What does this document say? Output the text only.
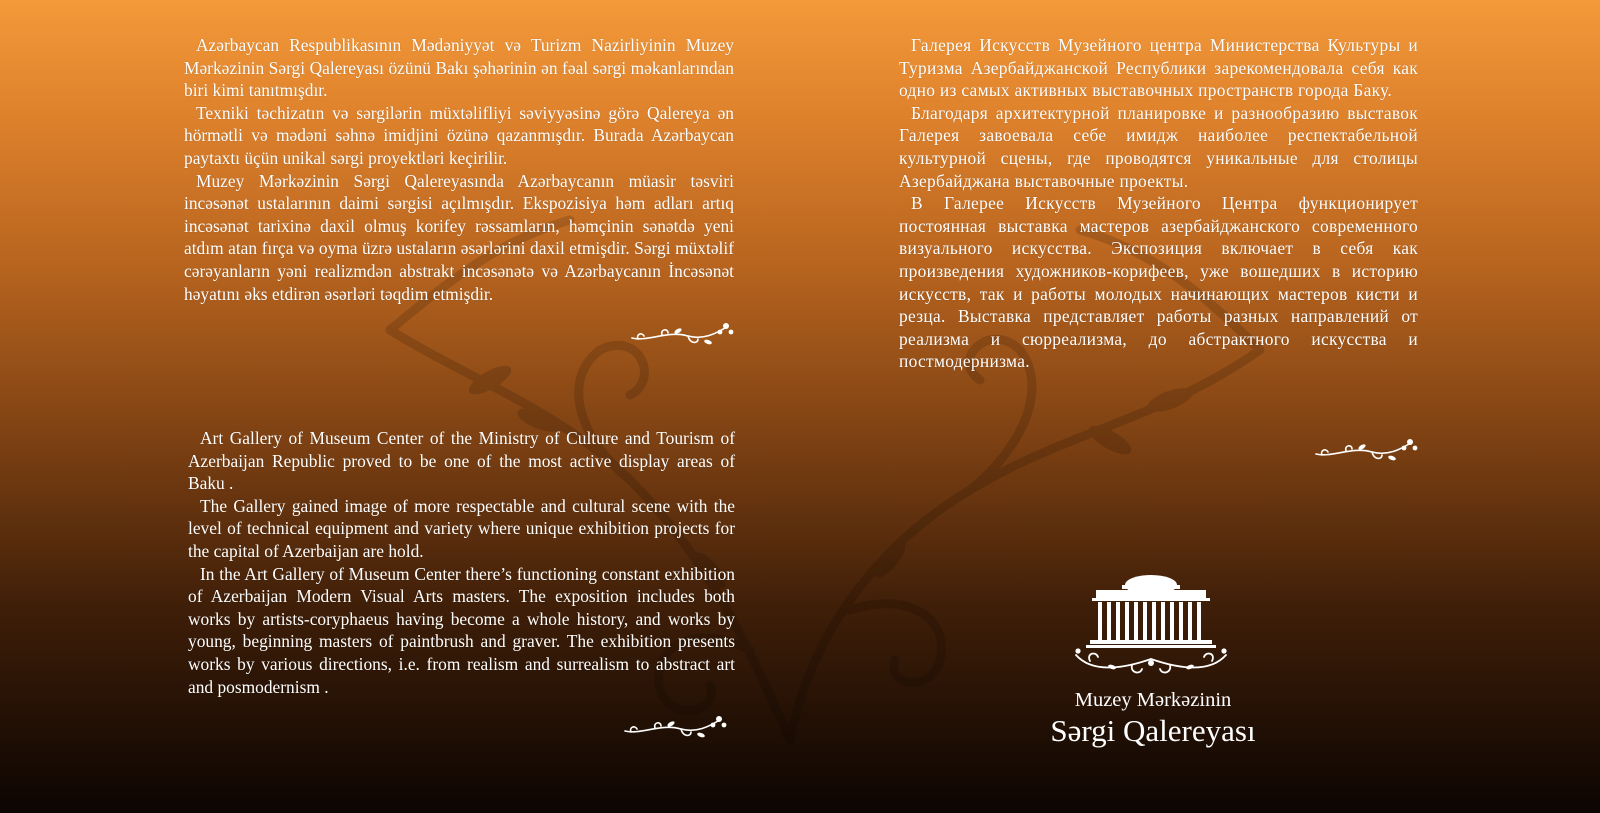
Azərbaycan Respublikasının Mədəniyyət və Turizm Nazirliyinin Muzey Mərkəzinin Sərgi Qalereyası özünü Bakı şəhərinin ən fəal sərgi məkanlarından biri kimi tanıtmışdır.

Texniki təchizatın və sərgilərin müxtəlifliyi səviyyəsinə görə Qalereya ən hörmətli və mədəni səhnə imidjini özünə qazanmışdır. Burada Azərbaycan paytaxtı üçün unikal sərgi proyektləri keçirilir.

Muzey Mərkəzinin Sərgi Qalereyasında Azərbaycanın müasir təsviri incəsənət ustalarının daimi sərgisi açılmışdır. Ekspozisiya həm adları artıq incəsənət tarixinə daxil olmuş korifey rəssamların, həmçinin sənətdə yeni atdım atan fırça və oyma üzrə ustaların əsərlərini daxil etmişdir. Sərgi müxtəlif cərəyanların yəni realizmdən abstrakt incəsənətə və Azərbaycanın İncəsənət həyatını əks etdirən əsərləri təqdim etmişdir.

Art Gallery of Museum Center of the Ministry of Culture and Tourism of Azerbaijan Republic proved to be one of the most active display areas of Baku .

The Gallery gained image of more respectable and cultural scene with the level of technical equipment and variety where unique exhibition projects for the capital of Azerbaijan are hold.

In the Art Gallery of Museum Center there’s functioning constant exhibition of Azerbaijan Modern Visual Arts masters. The exposition includes both works by artists-coryphaeus having become a whole history, and works by young, beginning masters of paintbrush and graver. The exhibition presents works by various directions, i.e. from realism and surrealism to abstract art and posmodernism .

Галерея Искусств Музейного центра Министерства Культуры и Туризма Азербайджанской Республики зарекомендовала себя как одно из самых активных выставочных пространств города Баку.

Благодаря архитектурной планировке и разнообразию выставок Галерея завоевала себе имидж наиболее респектабельной культурной сцены, где проводятся уникальные для столицы Азербайджана выставочные проекты.

В Галерее Искусств Музейного Центра функционирует постоянная выставка мастеров азербайджанского современного визуального искусства. Экспозиция включает в себя как произведения художников-корифеев, уже вошедших в историю искусств, так и работы молодых начинающих мастеров кисти и резца. Выставка представляет работы разных направлений от реализма и сюрреализма, до абстрактного искусства и постмодернизма.

Muzey Mərkəzinin
Sərgi Qalereyası
